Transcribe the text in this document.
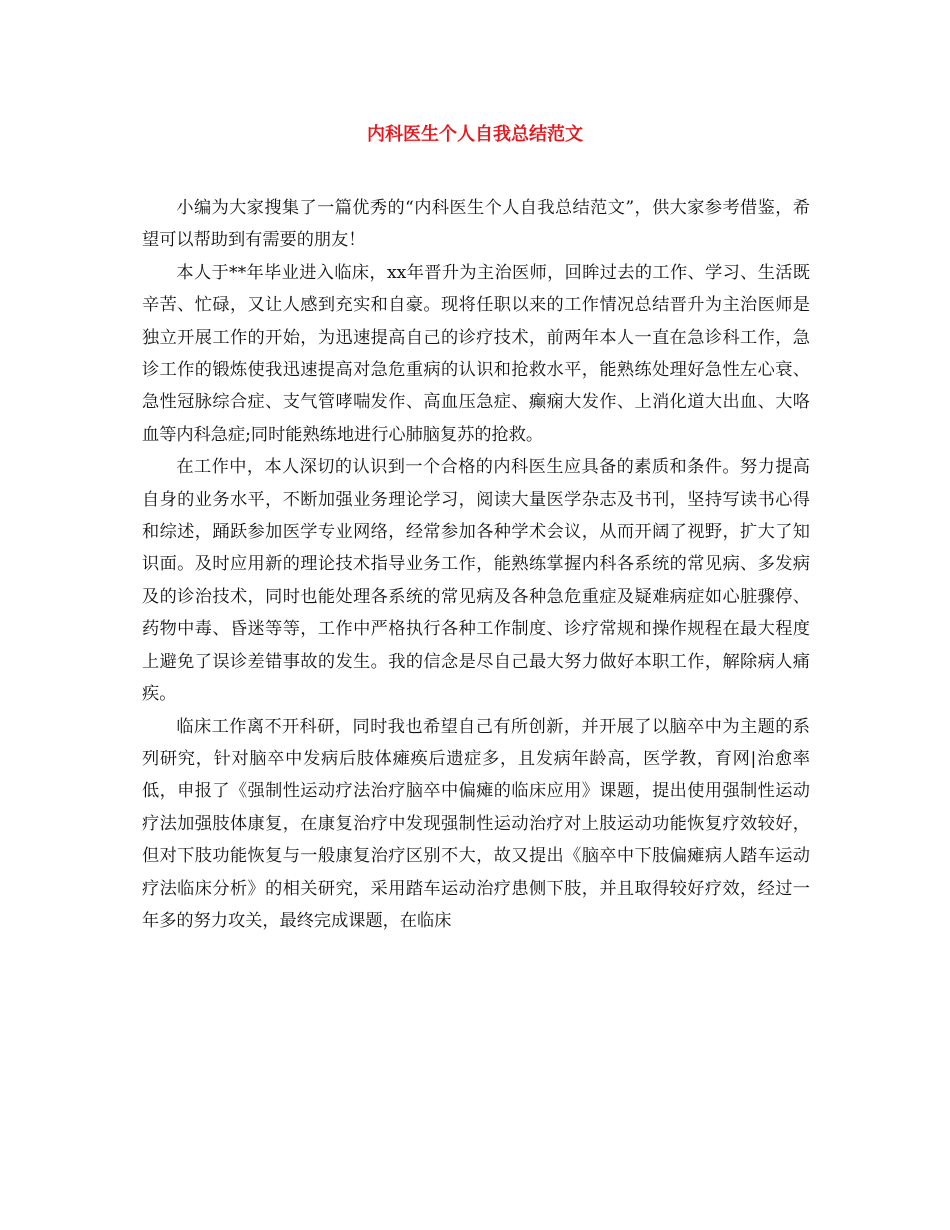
内科医生个人自我总结范文

小编为大家搜集了一篇优秀的“内科医生个人自我总结范文”，供大家参考借鉴，希望可以帮助到有需要的朋友！

本人于**年毕业进入临床，xx年晋升为主治医师，回眸过去的工作、学习、生活既辛苦、忙碌，又让人感到充实和自豪。现将任职以来的工作情况总结晋升为主治医师是独立开展工作的开始，为迅速提高自己的诊疗技术，前两年本人一直在急诊科工作，急诊工作的锻炼使我迅速提高对急危重病的认识和抢救水平，能熟练处理好急性左心衰、急性冠脉综合症、支气管哮喘发作、高血压急症、癫痫大发作、上消化道大出血、大咯血等内科急症;同时能熟练地进行心肺脑复苏的抢救。

在工作中，本人深切的认识到一个合格的内科医生应具备的素质和条件。努力提高自身的业务水平，不断加强业务理论学习，阅读大量医学杂志及书刊，坚持写读书心得和综述，踊跃参加医学专业网络，经常参加各种学术会议，从而开阔了视野，扩大了知识面。及时应用新的理论技术指导业务工作，能熟练掌握内科各系统的常见病、多发病及的诊治技术，同时也能处理各系统的常见病及各种急危重症及疑难病症如心脏骤停、药物中毒、昏迷等等，工作中严格执行各种工作制度、诊疗常规和操作规程在最大程度上避免了误诊差错事故的发生。我的信念是尽自己最大努力做好本职工作，解除病人痛疾。

临床工作离不开科研，同时我也希望自己有所创新，并开展了以脑卒中为主题的系列研究，针对脑卒中发病后肢体瘫痪后遗症多，且发病年龄高，医学教，育网|治愈率低，申报了《强制性运动疗法治疗脑卒中偏瘫的临床应用》课题，提出使用强制性运动疗法加强肢体康复，在康复治疗中发现强制性运动治疗对上肢运动功能恢复疗效较好，但对下肢功能恢复与一般康复治疗区别不大，故又提出《脑卒中下肢偏瘫病人踏车运动疗法临床分析》的相关研究，采用踏车运动治疗患侧下肢，并且取得较好疗效，经过一年多的努力攻关，最终完成课题，在临床
